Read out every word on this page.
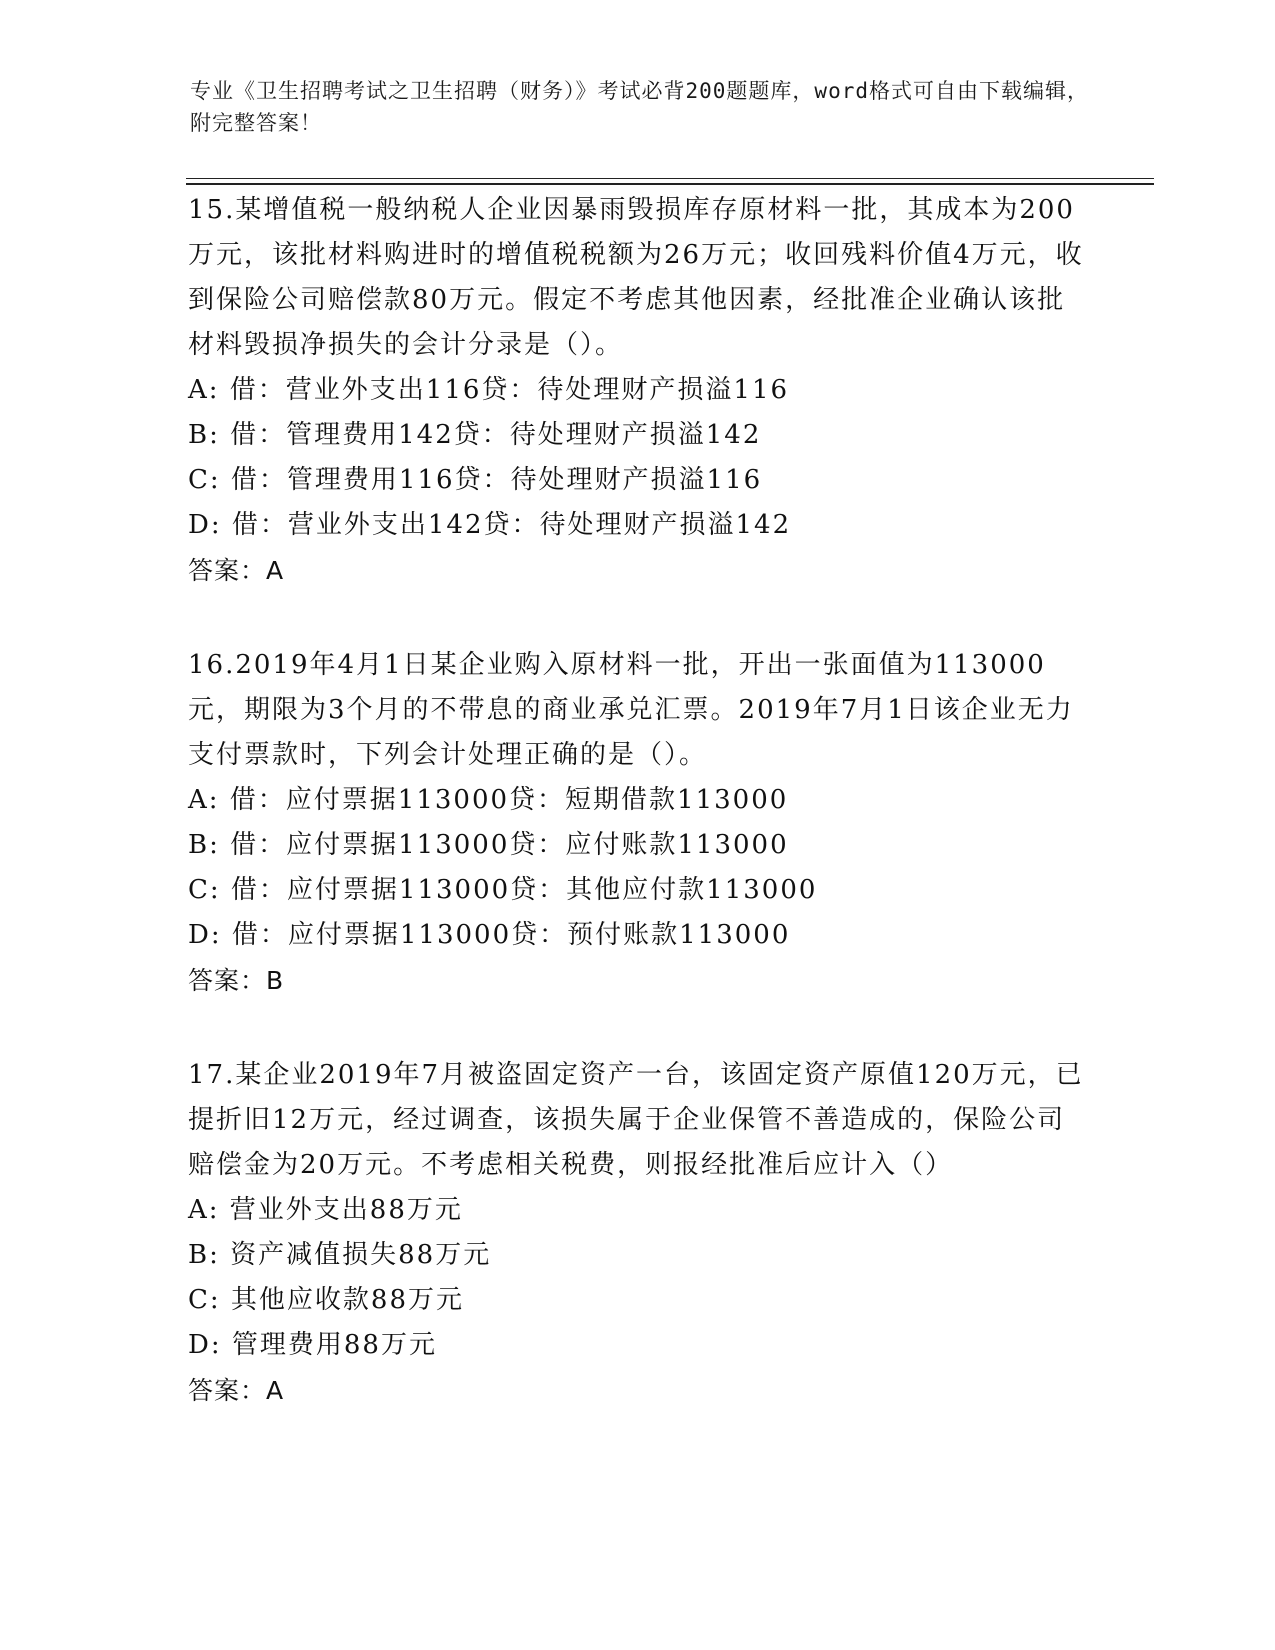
专业《卫生招聘考试之卫生招聘（财务）》考试必背200题题库，word格式可自由下载编辑，附完整答案！

15.某增值税一般纳税人企业因暴雨毁损库存原材料一批，其成本为200万元，该批材料购进时的增值税税额为26万元；收回残料价值4万元，收到保险公司赔偿款80万元。假定不考虑其他因素，经批准企业确认该批材料毁损净损失的会计分录是（）。

A: 借：营业外支出116贷：待处理财产损溢116

B: 借：管理费用142贷：待处理财产损溢142

C: 借：管理费用116贷：待处理财产损溢116

D: 借：营业外支出142贷：待处理财产损溢142

答案：A

16.2019年4月1日某企业购入原材料一批，开出一张面值为113000元，期限为3个月的不带息的商业承兑汇票。2019年7月1日该企业无力支付票款时，下列会计处理正确的是（）。

A: 借：应付票据113000贷：短期借款113000

B: 借：应付票据113000贷：应付账款113000

C: 借：应付票据113000贷：其他应付款113000

D: 借：应付票据113000贷：预付账款113000

答案：B

17.某企业2019年7月被盗固定资产一台，该固定资产原值120万元，已提折旧12万元，经过调查，该损失属于企业保管不善造成的，保险公司赔偿金为20万元。不考虑相关税费，则报经批准后应计入（）

A: 营业外支出88万元

B: 资产减值损失88万元

C: 其他应收款88万元

D: 管理费用88万元

答案：A
